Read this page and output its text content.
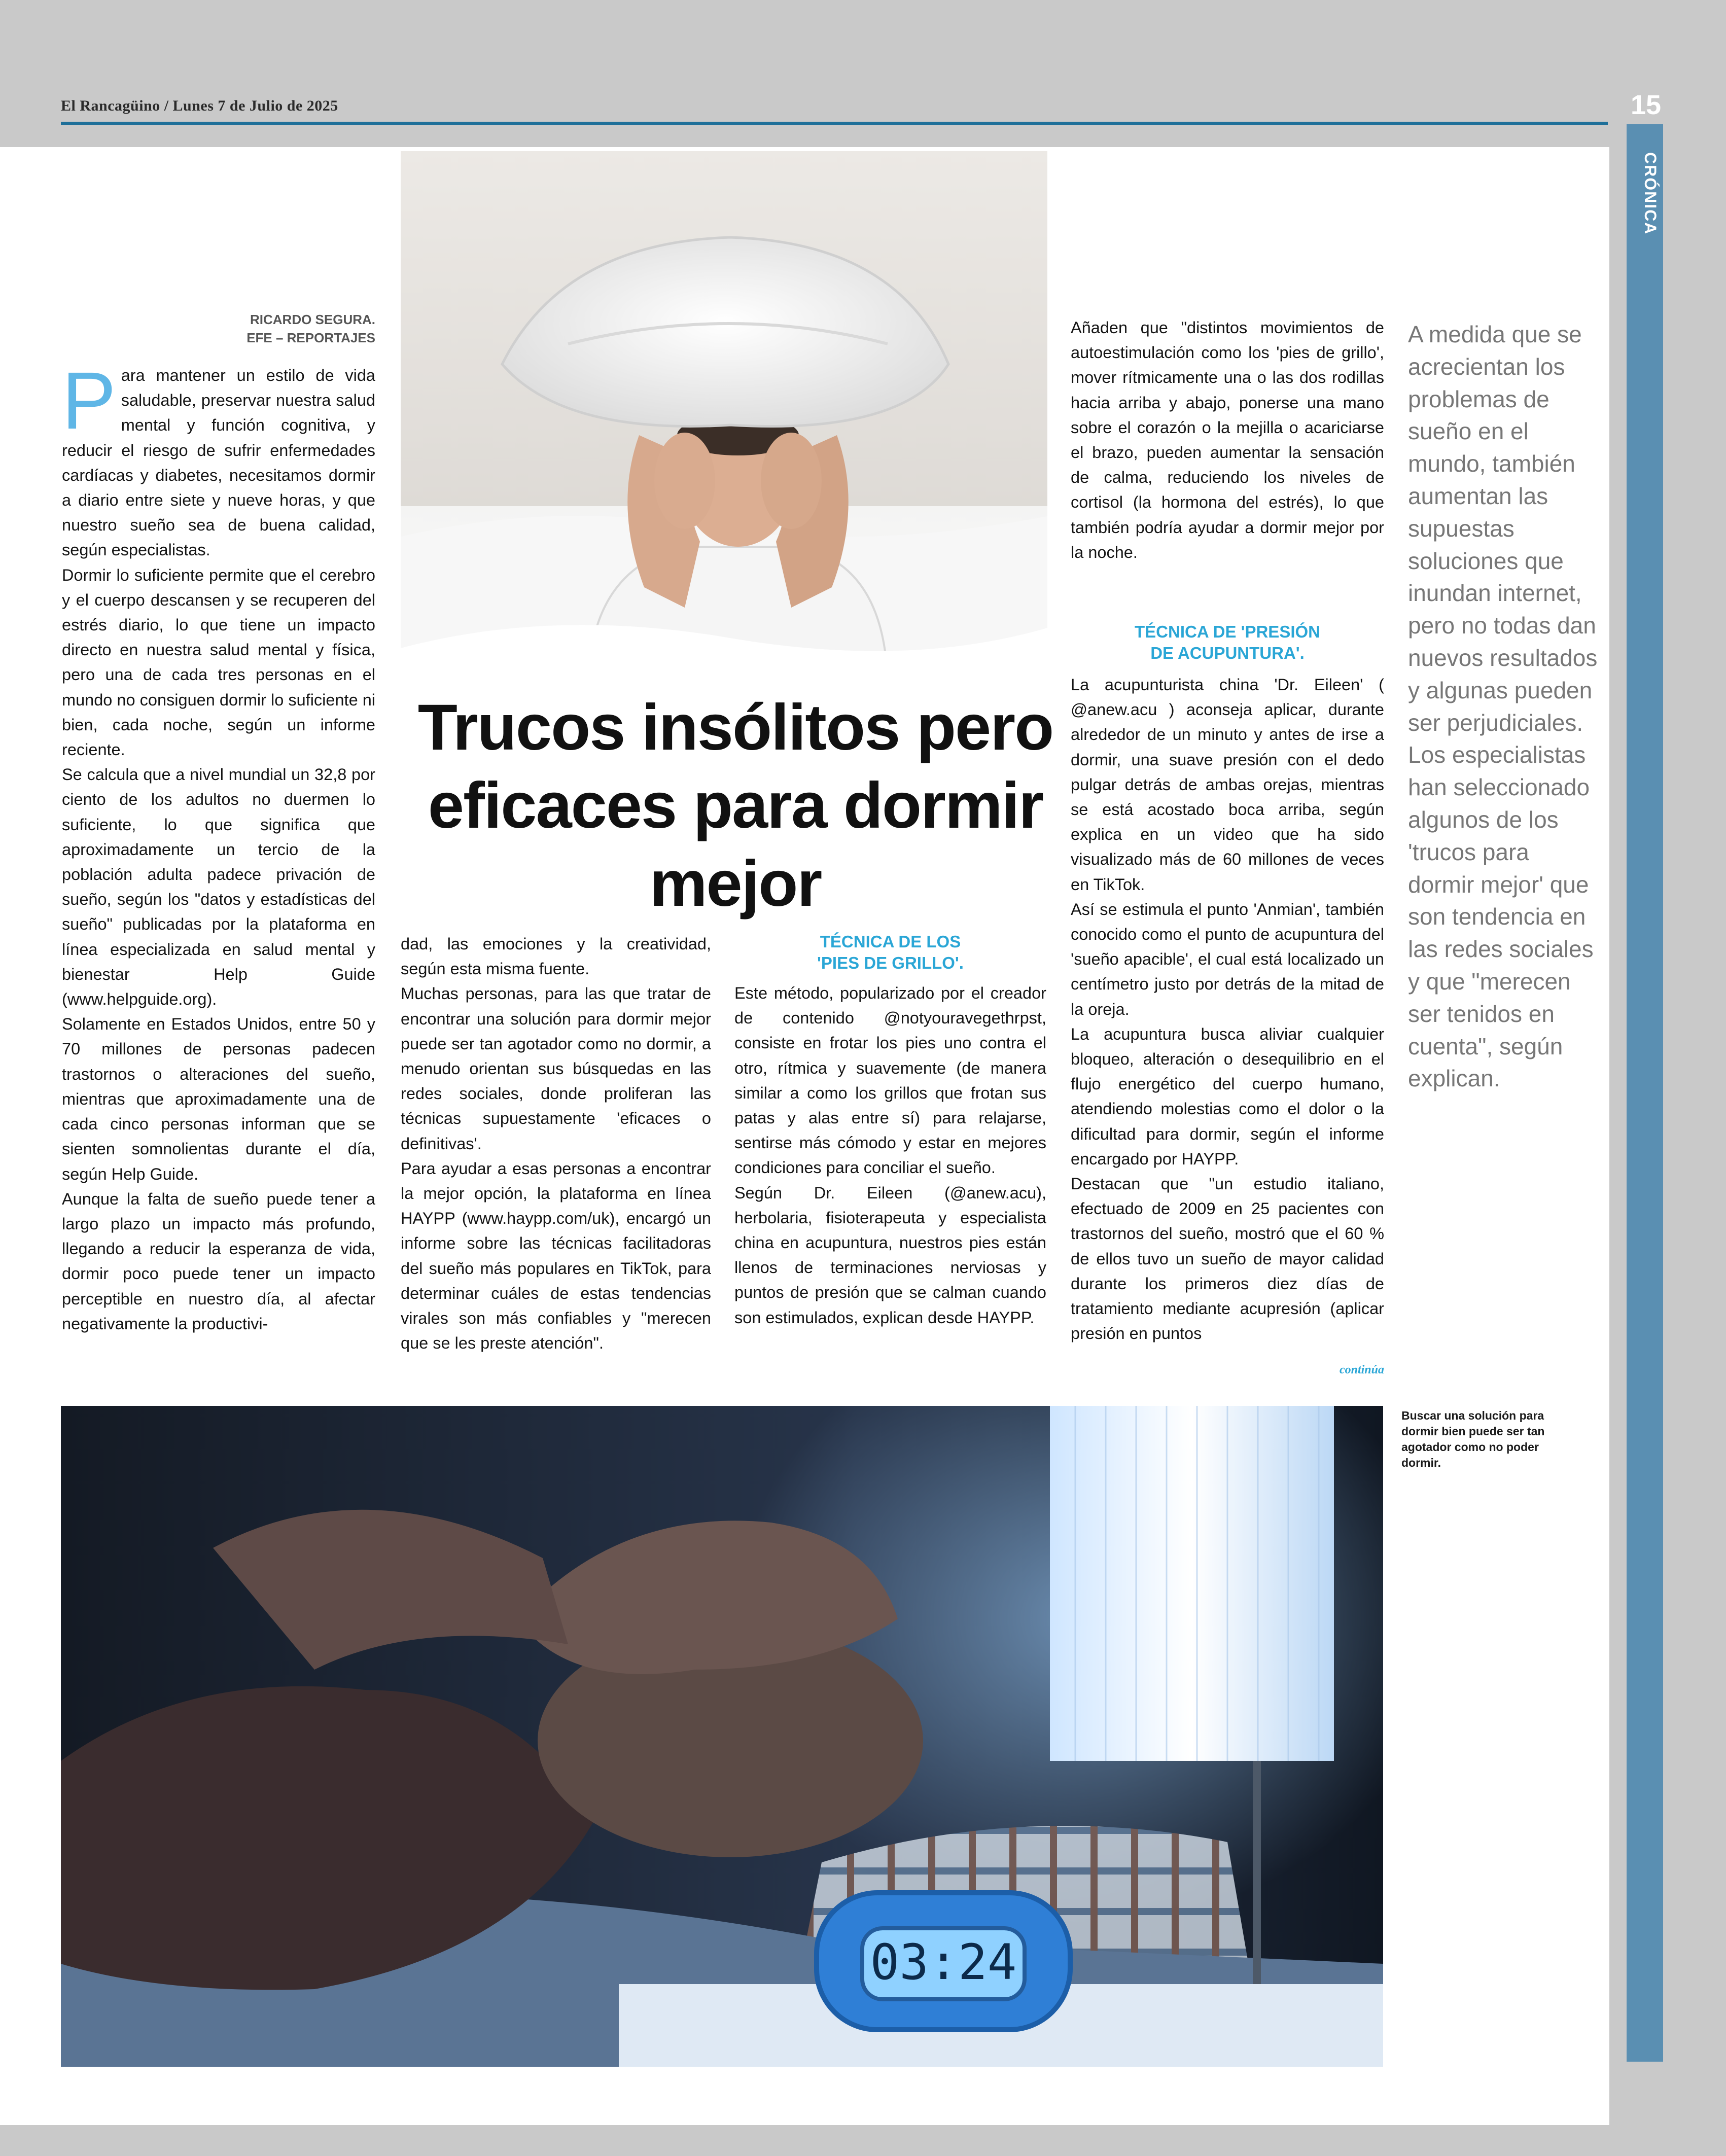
El Rancagüino / Lunes 7 de Julio de 2025	15
CRÓNICA
Trucos insólitos pero eficaces para dormir mejor
RICARDO SEGURA.
EFE – REPORTAJES
P ara mantener un estilo de vida saludable, preservar nuestra salud mental y función cognitiva, y reducir el riesgo de sufrir enfermedades cardíacas y diabetes, necesitamos dormir a diario entre siete y nueve horas, y que nuestro sueño sea de buena calidad, según especialistas.

Dormir lo suficiente permite que el cerebro y el cuerpo descansen y se recuperen del estrés diario, lo que tiene un impacto directo en nuestra salud mental y física, pero una de cada tres personas en el mundo no consiguen dormir lo suficiente ni bien, cada noche, según un informe reciente.

Se calcula que a nivel mundial un 32,8 por ciento de los adultos no duermen lo suficiente, lo que significa que aproximadamente un tercio de la población adulta padece privación de sueño, según los "datos y estadísticas del sueño" publicadas por la plataforma en línea especializada en salud mental y bienestar Help Guide (www.helpguide.org).

Solamente en Estados Unidos, entre 50 y 70 millones de personas padecen trastornos o alteraciones del sueño, mientras que aproximadamente una de cada cinco personas informan que se sienten somnolientas durante el día, según Help Guide.

Aunque la falta de sueño puede tener a largo plazo un impacto más profundo, llegando a reducir la esperanza de vida, dormir poco puede tener un impacto perceptible en nuestro día, al afectar negativamente la productivi-

dad, las emociones y la creatividad, según esta misma fuente.

Muchas personas, para las que tratar de encontrar una solución para dormir mejor puede ser tan agotador como no dormir, a menudo orientan sus búsquedas en las redes sociales, donde proliferan las técnicas supuestamente 'eficaces o definitivas'.

Para ayudar a esas personas a encontrar la mejor opción, la plataforma en línea HAYPP (www.haypp.com/uk), encargó un informe sobre las técnicas facilitadoras del sueño más populares en TikTok, para determinar cuáles de estas tendencias virales son más confiables y "merecen que se les preste atención".

TÉCNICA DE LOS
'PIES DE GRILLO'.

Este método, popularizado por el creador de contenido @notyouravegethrpst, consiste en frotar los pies uno contra el otro, rítmica y suavemente (de manera similar a como los grillos que frotan sus patas y alas entre sí) para relajarse, sentirse más cómodo y estar en mejores condiciones para conciliar el sueño.

Según Dr. Eileen (@anew.acu), herbolaria, fisioterapeuta y especialista china en acupuntura, nuestros pies están llenos de terminaciones nerviosas y puntos de presión que se calman cuando son estimulados, explican desde HAYPP.

Añaden que "distintos movimientos de autoestimulación como los 'pies de grillo', mover rítmicamente una o las dos rodillas hacia arriba y abajo, ponerse una mano sobre el corazón o la mejilla o acariciarse el brazo, pueden aumentar la sensación de calma, reduciendo los niveles de cortisol (la hormona del estrés), lo que también podría ayudar a dormir mejor por la noche.

TÉCNICA DE 'PRESIÓN
DE ACUPUNTURA'.

La acupunturista china 'Dr. Eileen' ( @anew.acu ) aconseja aplicar, durante alrededor de un minuto y antes de irse a dormir, una suave presión con el dedo pulgar detrás de ambas orejas, mientras se está acostado boca arriba, según explica en un video que ha sido visualizado más de 60 millones de veces en TikTok.

Así se estimula el punto 'Anmian', también conocido como el punto de acupuntura del 'sueño apacible', el cual está localizado un centímetro justo por detrás de la mitad de la oreja.

La acupuntura busca aliviar cualquier bloqueo, alteración o desequilibrio en el flujo energético del cuerpo humano, atendiendo molestias como el dolor o la dificultad para dormir, según el informe encargado por HAYPP.

Destacan que "un estudio italiano, efectuado de 2009 en 25 pacientes con trastornos del sueño, mostró que el 60 % de ellos tuvo un sueño de mayor calidad durante los primeros diez días de tratamiento mediante acupresión (aplicar presión en puntos

continúa
A medida que se acrecientan los problemas de sueño en el mundo, también aumentan las supuestas soluciones que inundan internet, pero no todas dan nuevos resultados y algunas pueden ser perjudiciales. Los especialistas han seleccionado algunos de los 'trucos para dormir mejor' que son tendencia en las redes sociales y que "merecen ser tenidos en cuenta", según explican.
03:24
Buscar una solución para dormir bien puede ser tan agotador como no poder dormir.
